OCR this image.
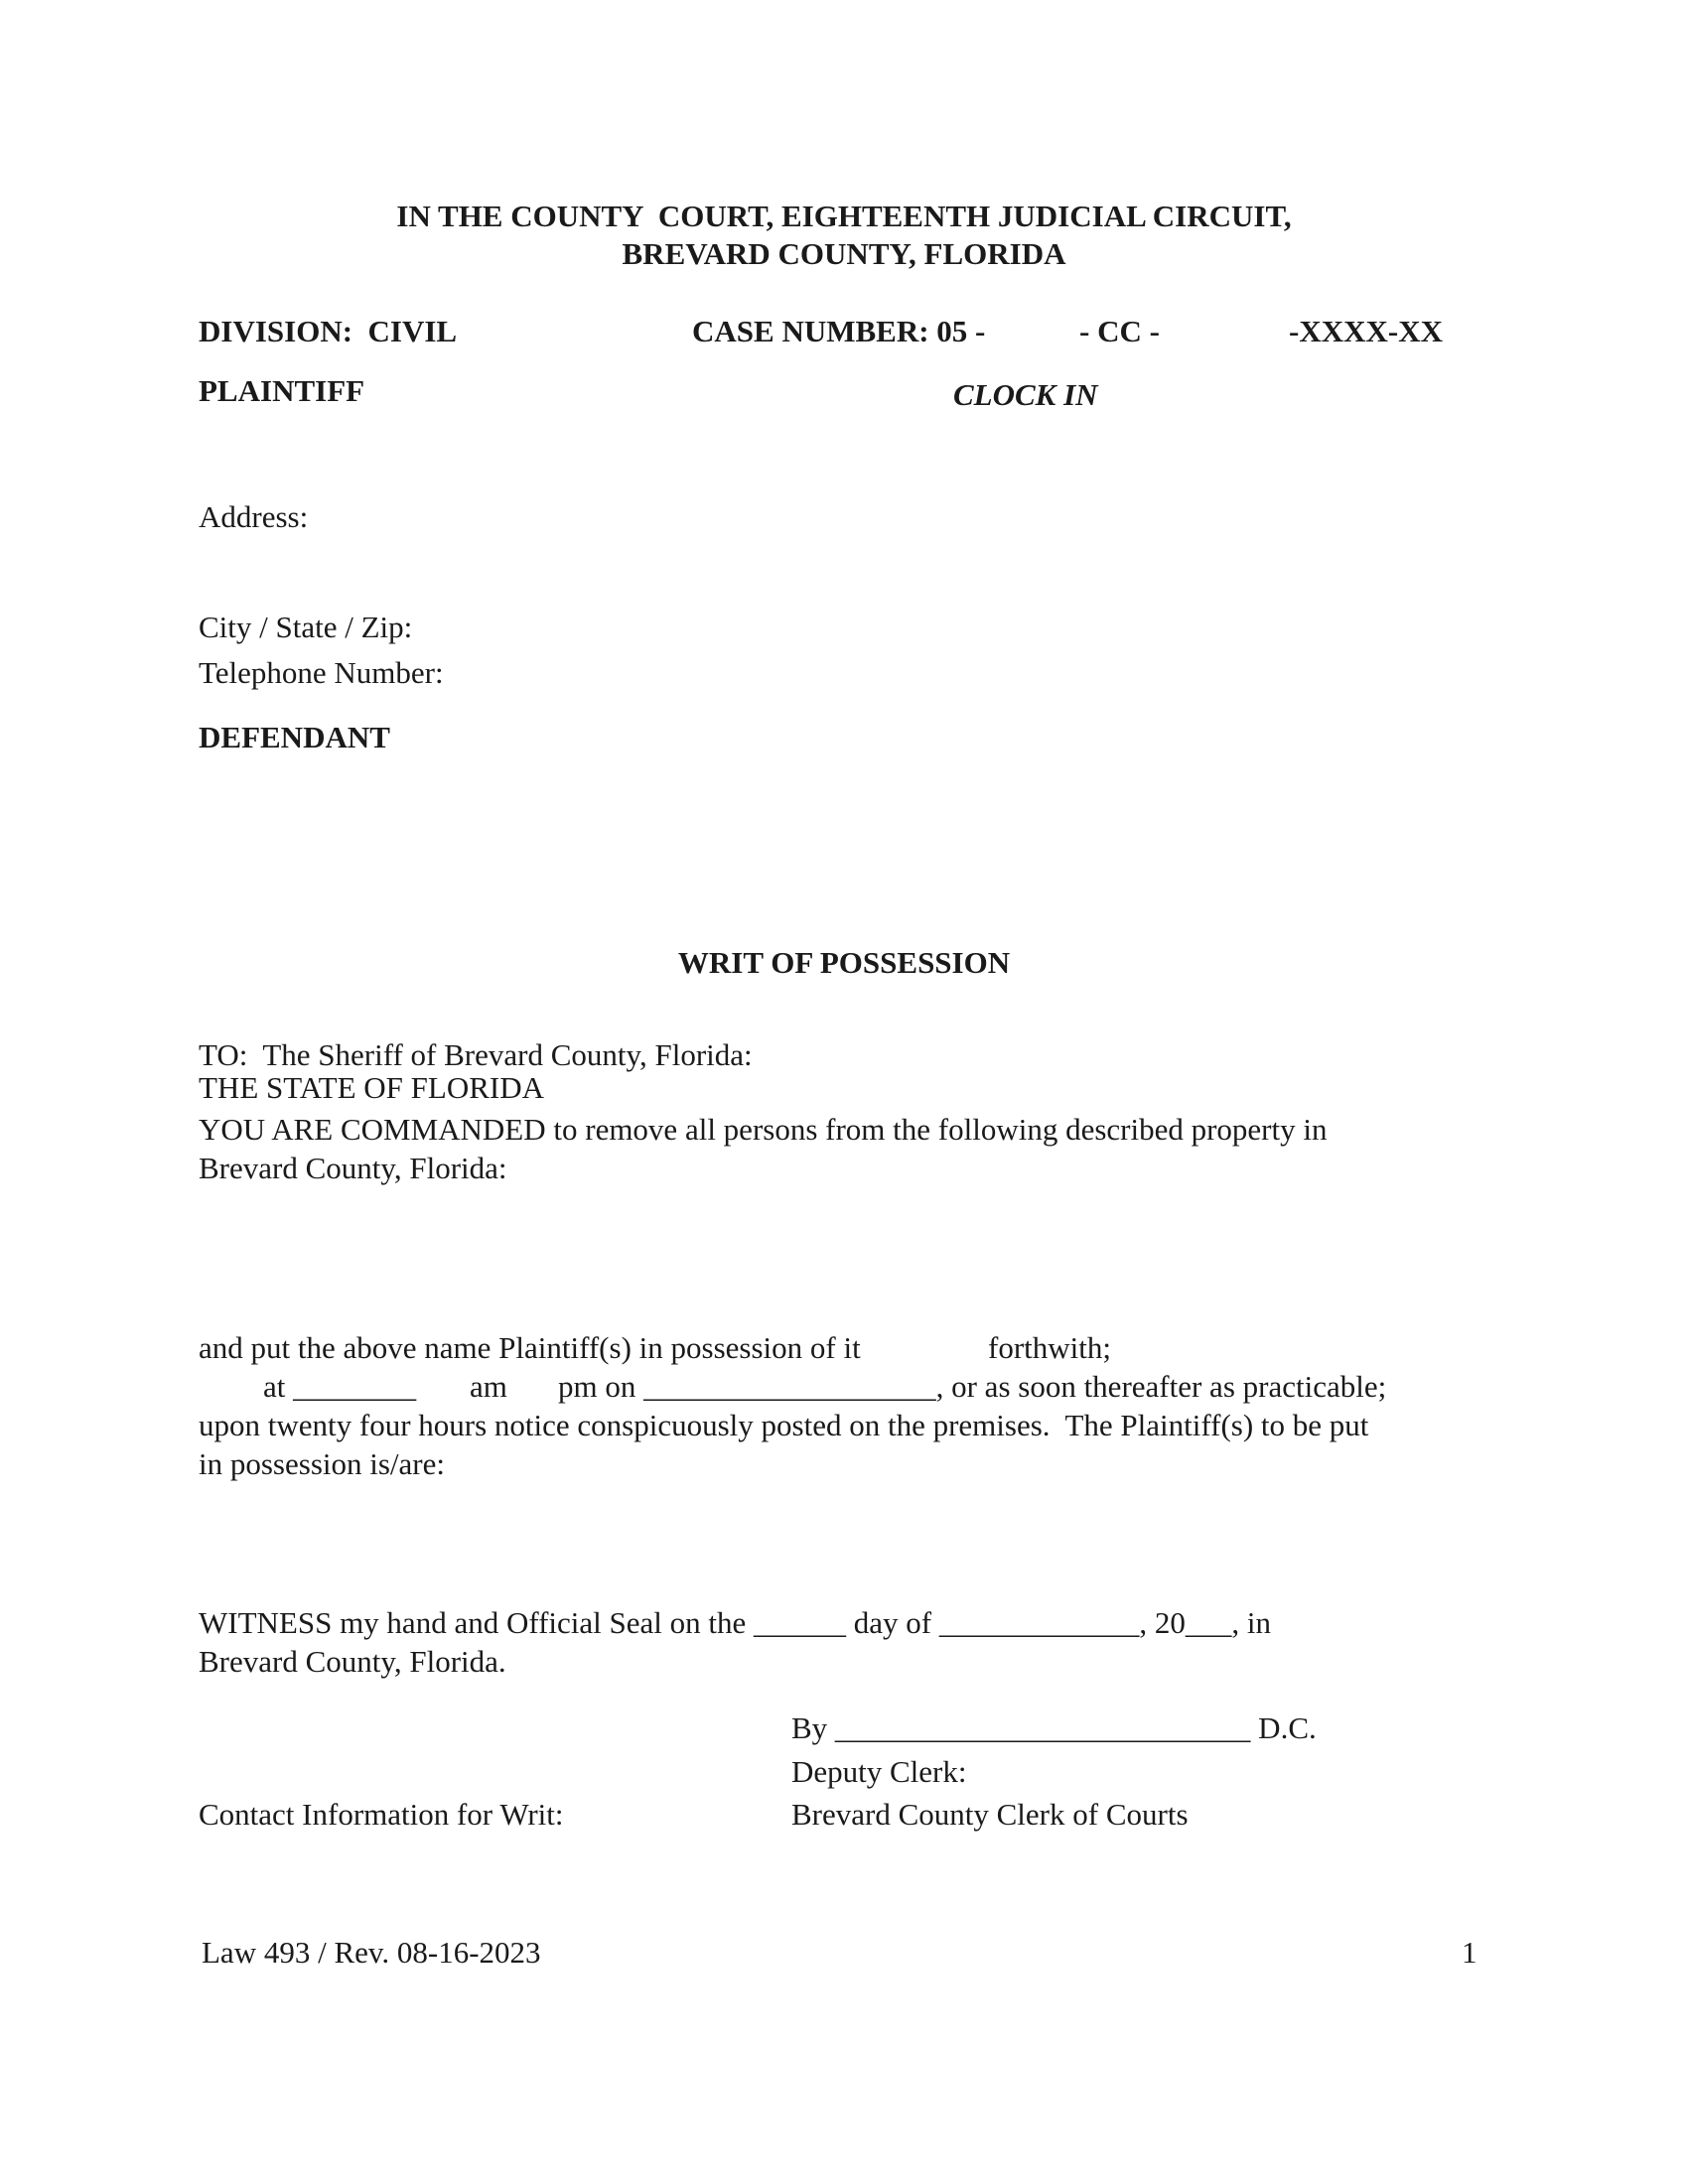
IN THE COUNTY  COURT, EIGHTEENTH JUDICIAL CIRCUIT,
BREVARD COUNTY, FLORIDA
DIVISION:  CIVIL	CASE NUMBER: 05 -	- CC -	-XXXX-XX
PLAINTIFF	CLOCK IN
Address:
City / State / Zip:
Telephone Number:
DEFENDANT
WRIT OF POSSESSION
TO:  The Sheriff of Brevard County, Florida:
THE STATE OF FLORIDA
YOU ARE COMMANDED to remove all persons from the following described property in
Brevard County, Florida:
and put the above name Plaintiff(s) in possession of it	forthwith;
at ________ am pm on ___________________, or as soon thereafter as practicable;
upon twenty four hours notice conspicuously posted on the premises.  The Plaintiff(s) to be put
in possession is/are:
WITNESS my hand and Official Seal on the ______ day of _____________, 20___, in
Brevard County, Florida.
By ___________________________ D.C.
Deputy Clerk:
Contact Information for Writ:	Brevard County Clerk of Courts
Law 493 / Rev. 08-16-2023	1
